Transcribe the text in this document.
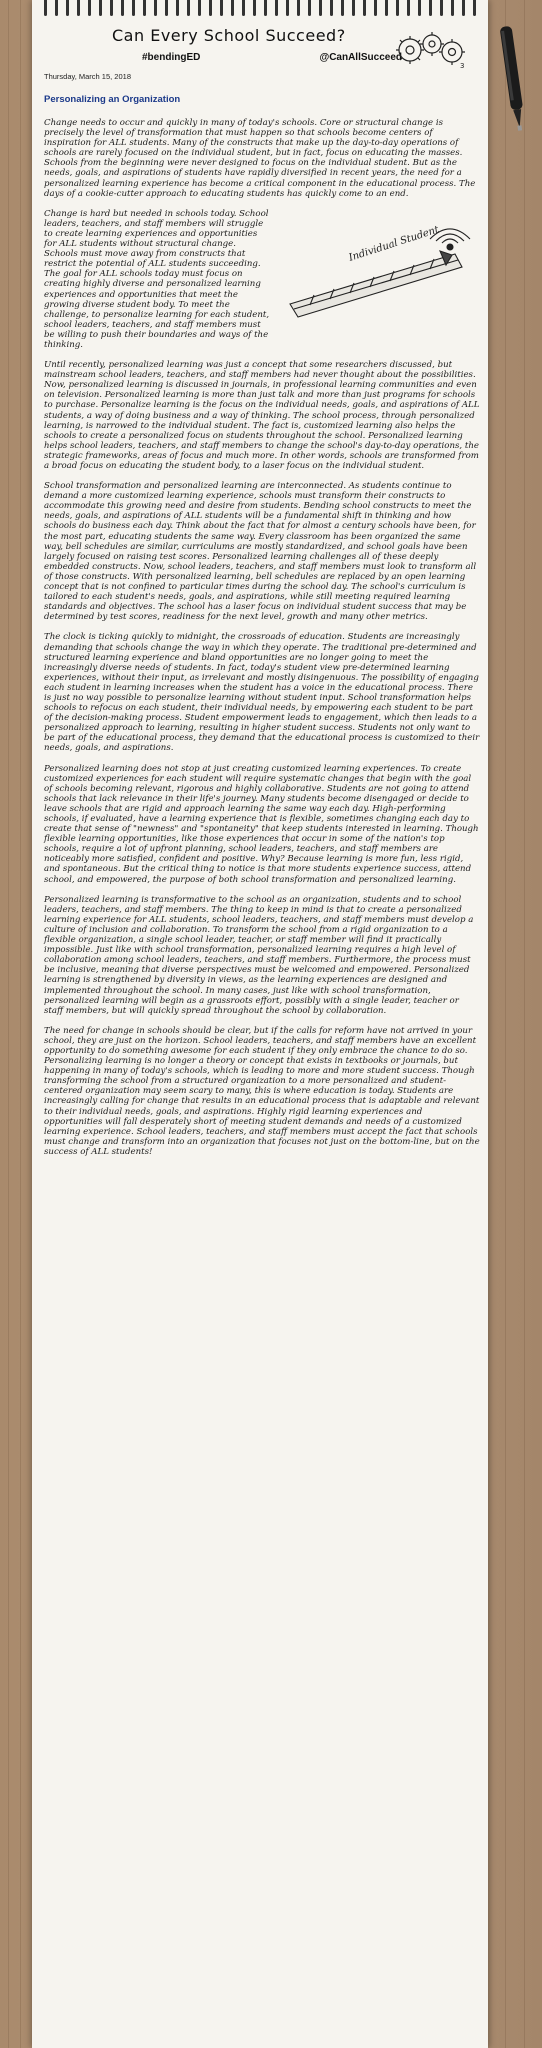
Can Every School Succeed?
#bendingED	@CanAllSucceed
3
Thursday, March 15, 2018
Personalizing an Organization

Change needs to occur and quickly in many of today's schools. Core or structural change is precisely the level of transformation that must happen so that schools become centers of inspiration for ALL students. Many of the constructs that make up the day-to-day operations of schools are rarely focused on the individual student, but in fact, focus on educating the masses. Schools from the beginning were never designed to focus on the individual student. But as the needs, goals, and aspirations of students have rapidly diversified in recent years, the need for a personalized learning experience has become a critical component in the educational process. The days of a cookie-cutter approach to educating students has quickly come to an end.

Individual Student
Change is hard but needed in schools today. School leaders, teachers, and staff members will struggle to create learning experiences and opportunities for ALL students without structural change. Schools must move away from constructs that restrict the potential of ALL students succeeding. The goal for ALL schools today must focus on creating highly diverse and personalized learning experiences and opportunities that meet the growing diverse student body. To meet the challenge, to personalize learning for each student, school leaders, teachers, and staff members must be willing to push their boundaries and ways of the thinking.

Until recently, personalized learning was just a concept that some researchers discussed, but mainstream school leaders, teachers, and staff members had never thought about the possibilities. Now, personalized learning is discussed in journals, in professional learning communities and even on television. Personalized learning is more than just talk and more than just programs for schools to purchase. Personalize learning is the focus on the individual needs, goals, and aspirations of ALL students, a way of doing business and a way of thinking. The school process, through personalized learning, is narrowed to the individual student. The fact is, customized learning also helps the schools to create a personalized focus on students throughout the school. Personalized learning helps school leaders, teachers, and staff members to change the school's day-to-day operations, the strategic frameworks, areas of focus and much more. In other words, schools are transformed from a broad focus on educating the student body, to a laser focus on the individual student.

School transformation and personalized learning are interconnected. As students continue to demand a more customized learning experience, schools must transform their constructs to accommodate this growing need and desire from students. Bending school constructs to meet the needs, goals, and aspirations of ALL students will be a fundamental shift in thinking and how schools do business each day. Think about the fact that for almost a century schools have been, for the most part, educating students the same way. Every classroom has been organized the same way, bell schedules are similar, curriculums are mostly standardized, and school goals have been largely focused on raising test scores. Personalized learning challenges all of these deeply embedded constructs. Now, school leaders, teachers, and staff members must look to transform all of those constructs. With personalized learning, bell schedules are replaced by an open learning concept that is not confined to particular times during the school day. The school's curriculum is tailored to each student's needs, goals, and aspirations, while still meeting required learning standards and objectives. The school has a laser focus on individual student success that may be determined by test scores, readiness for the next level, growth and many other metrics.

The clock is ticking quickly to midnight, the crossroads of education. Students are increasingly demanding that schools change the way in which they operate. The traditional pre-determined and structured learning experience and bland opportunities are no longer going to meet the increasingly diverse needs of students. In fact, today's student view pre-determined learning experiences, without their input, as irrelevant and mostly disingenuous. The possibility of engaging each student in learning increases when the student has a voice in the educational process. There is just no way possible to personalize learning without student input. School transformation helps schools to refocus on each student, their individual needs, by empowering each student to be part of the decision-making process. Student empowerment leads to engagement, which then leads to a personalized approach to learning, resulting in higher student success. Students not only want to be part of the educational process, they demand that the educational process is customized to their needs, goals, and aspirations.

Personalized learning does not stop at just creating customized learning experiences. To create customized experiences for each student will require systematic changes that begin with the goal of schools becoming relevant, rigorous and highly collaborative. Students are not going to attend schools that lack relevance in their life's journey. Many students become disengaged or decide to leave schools that are rigid and approach learning the same way each day. High-performing schools, if evaluated, have a learning experience that is flexible, sometimes changing each day to create that sense of "newness" and "spontaneity" that keep students interested in learning. Though flexible learning opportunities, like those experiences that occur in some of the nation's top schools, require a lot of upfront planning, school leaders, teachers, and staff members are noticeably more satisfied, confident and positive. Why? Because learning is more fun, less rigid, and spontaneous. But the critical thing to notice is that more students experience success, attend school, and empowered, the purpose of both school transformation and personalized learning.

Personalized learning is transformative to the school as an organization, students and to school leaders, teachers, and staff members. The thing to keep in mind is that to create a personalized learning experience for ALL students, school leaders, teachers, and staff members must develop a culture of inclusion and collaboration. To transform the school from a rigid organization to a flexible organization, a single school leader, teacher, or staff member will find it practically impossible. Just like with school transformation, personalized learning requires a high level of collaboration among school leaders, teachers, and staff members. Furthermore, the process must be inclusive, meaning that diverse perspectives must be welcomed and empowered. Personalized learning is strengthened by diversity in views, as the learning experiences are designed and implemented throughout the school. In many cases, just like with school transformation, personalized learning will begin as a grassroots effort, possibly with a single leader, teacher or staff members, but will quickly spread throughout the school by collaboration.

The need for change in schools should be clear, but if the calls for reform have not arrived in your school, they are just on the horizon. School leaders, teachers, and staff members have an excellent opportunity to do something awesome for each student if they only embrace the chance to do so. Personalizing learning is no longer a theory or concept that exists in textbooks or journals, but happening in many of today's schools, which is leading to more and more student success. Though transforming the school from a structured organization to a more personalized and student-centered organization may seem scary to many, this is where education is today. Students are increasingly calling for change that results in an educational process that is adaptable and relevant to their individual needs, goals, and aspirations. Highly rigid learning experiences and opportunities will fall desperately short of meeting student demands and needs of a customized learning experience. School leaders, teachers, and staff members must accept the fact that schools must change and transform into an organization that focuses not just on the bottom-line, but on the success of ALL students!
